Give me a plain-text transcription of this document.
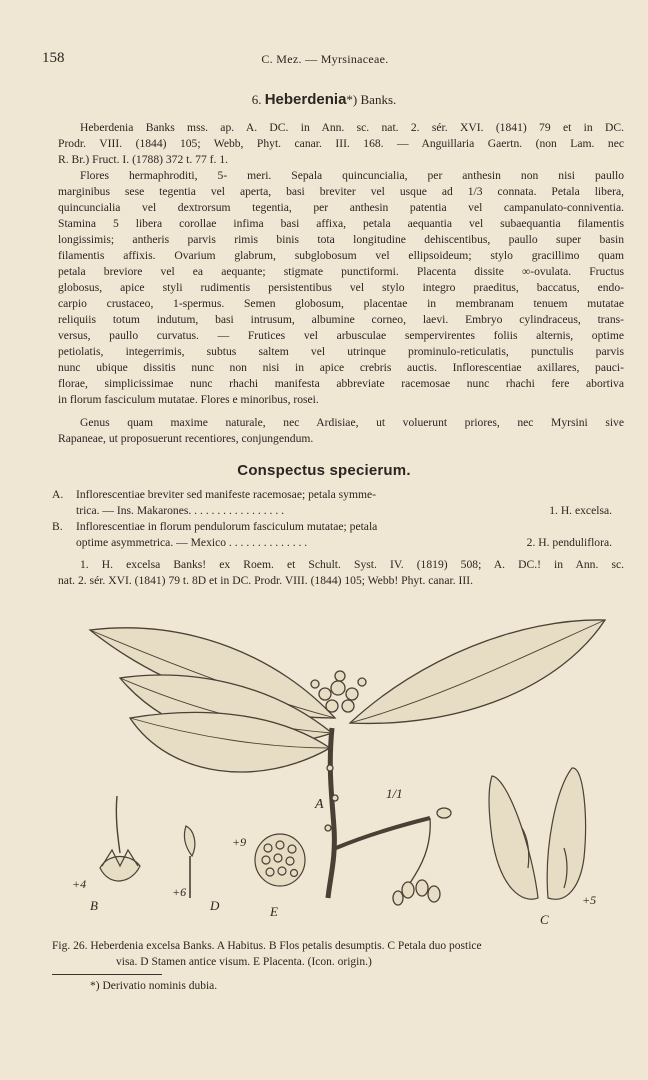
158	C. Mez. — Myrsinaceae.
6. Heberdenia*) Banks.
Heberdenia Banks mss. ap. A. DC. in Ann. sc. nat. 2. sér. XVI. (1841) 79 et in DC.
Prodr. VIII. (1844) 105; Webb, Phyt. canar. III. 168. — Anguillaria Gaertn. (non Lam. nec
R. Br.) Fruct. I. (1788) 372 t. 77 f. 1.
Flores hermaphroditi, 5- meri. Sepala quincuncialia, per anthesin non nisi paullo
marginibus sese tegentia vel aperta, basi breviter vel usque ad 1/3 connata. Petala libera,
quincuncialia vel dextrorsum tegentia, per anthesin patentia vel campanulato-conniventia.
Stamina 5 libera corollae infima basi affixa, petala aequantia vel subaequantia filamentis
longissimis; antheris parvis rimis binis tota longitudine dehiscentibus, paullo super basin
filamentis affixis. Ovarium glabrum, subglobosum vel ellipsoideum; stylo gracillimo quam
petala breviore vel ea aequante; stigmate punctiformi. Placenta dissite ∞-ovulata. Fructus
globosus, apice styli rudimentis persistentibus vel stylo integro praeditus, baccatus, endo-
carpio crustaceo, 1-spermus. Semen globosum, placentae in membranam tenuem mutatae
reliquiis totum indutum, basi intrusum, albumine corneo, laevi. Embryo cylindraceus, trans-
versus, paullo curvatus. — Frutices vel arbusculae sempervirentes foliis alternis, optime
petiolatis, integerrimis, subtus saltem vel utrinque prominulo-reticulatis, punctulis parvis
nunc ubique dissitis nunc non nisi in apice crebris auctis. Inflorescentiae axillares, pauci-
florae, simplicissimae nunc rhachi manifesta abbreviate racemosae nunc rhachi fere abortiva
in florum fasciculum mutatae. Flores e minoribus, rosei.
Genus quam maxime naturale, nec Ardisiae, ut voluerunt priores, nec Myrsini sive
Rapaneae, ut proposuerunt recentiores, conjungendum.
Conspectus specierum.
A. Inflorescentiae breviter sed manifeste racemosae; petala symme-
trica. — Ins. Makarones. . . . . . . . . . . . . . . . .	1. H. excelsa.
B. Inflorescentiae in florum pendulorum fasciculum mutatae; petala
optime asymmetrica. — Mexico . . . . . . . . . . . . . .	2. H. penduliflora.
1. H. excelsa Banks! ex Roem. et Schult. Syst. IV. (1819) 508; A. DC.! in Ann. sc.
nat. 2. sér. XVI. (1841) 79 t. 8D et in DC. Prodr. VIII. (1844) 105; Webb! Phyt. canar. III.
A
1/1
B
+4
D
+6
E
+9
C
+5
Fig. 26. Heberdenia excelsa Banks. A Habitus. B Flos petalis desumptis. C Petala duo postice
visa. D Stamen antice visum. E Placenta. (Icon. origin.)
*) Derivatio nominis dubia.
